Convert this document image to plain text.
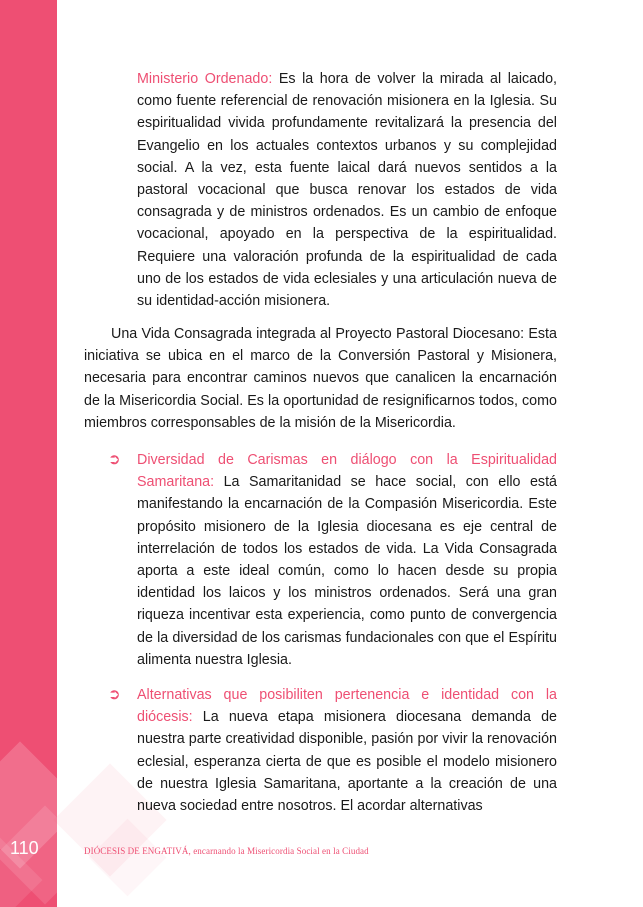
Ministerio Ordenado: Es la hora de volver la mirada al laicado, como fuente referencial de renovación misionera en la Iglesia. Su espiritualidad vivida profundamente revitalizará la presencia del Evangelio en los actuales contextos urbanos y su complejidad social. A la vez, esta fuente laical dará nuevos sentidos a la pastoral vocacional que busca renovar los estados de vida consagrada y de ministros ordenados. Es un cambio de enfoque vocacional, apoyado en la perspectiva de la espiritualidad. Requiere una valoración profunda de la espiritualidad de cada uno de los estados de vida eclesiales y una articulación nueva de su identidad-acción misionera.

Una Vida Consagrada integrada al Proyecto Pastoral Diocesano: Esta iniciativa se ubica en el marco de la Conversión Pastoral y Misionera, necesaria para encontrar caminos nuevos que canalicen la encarnación de la Misericordia Social. Es la oportunidad de resignificarnos todos, como miembros corresponsables de la misión de la Misericordia.

➲ Diversidad de Carismas en diálogo con la Espiritualidad Samaritana: La Samaritanidad se hace social, con ello está manifestando la encarnación de la Compasión Misericordia. Este propósito misionero de la Iglesia diocesana es eje central de interrelación de todos los estados de vida. La Vida Consagrada aporta a este ideal común, como lo hacen desde su propia identidad los laicos y los ministros ordenados. Será una gran riqueza incentivar esta experiencia, como punto de convergencia de la diversidad de los carismas fundacionales con que el Espíritu alimenta nuestra Iglesia.

➲ Alternativas que posibiliten pertenencia e identidad con la diócesis: La nueva etapa misionera diocesana demanda de nuestra parte creatividad disponible, pasión por vivir la renovación eclesial, esperanza cierta de que es posible el modelo misionero de nuestra Iglesia Samaritana, aportante a la creación de una nueva sociedad entre nosotros. El acordar alternativas

110	DIÓCESIS DE ENGATIVÁ, encarnando la Misericordia Social en la Ciudad
